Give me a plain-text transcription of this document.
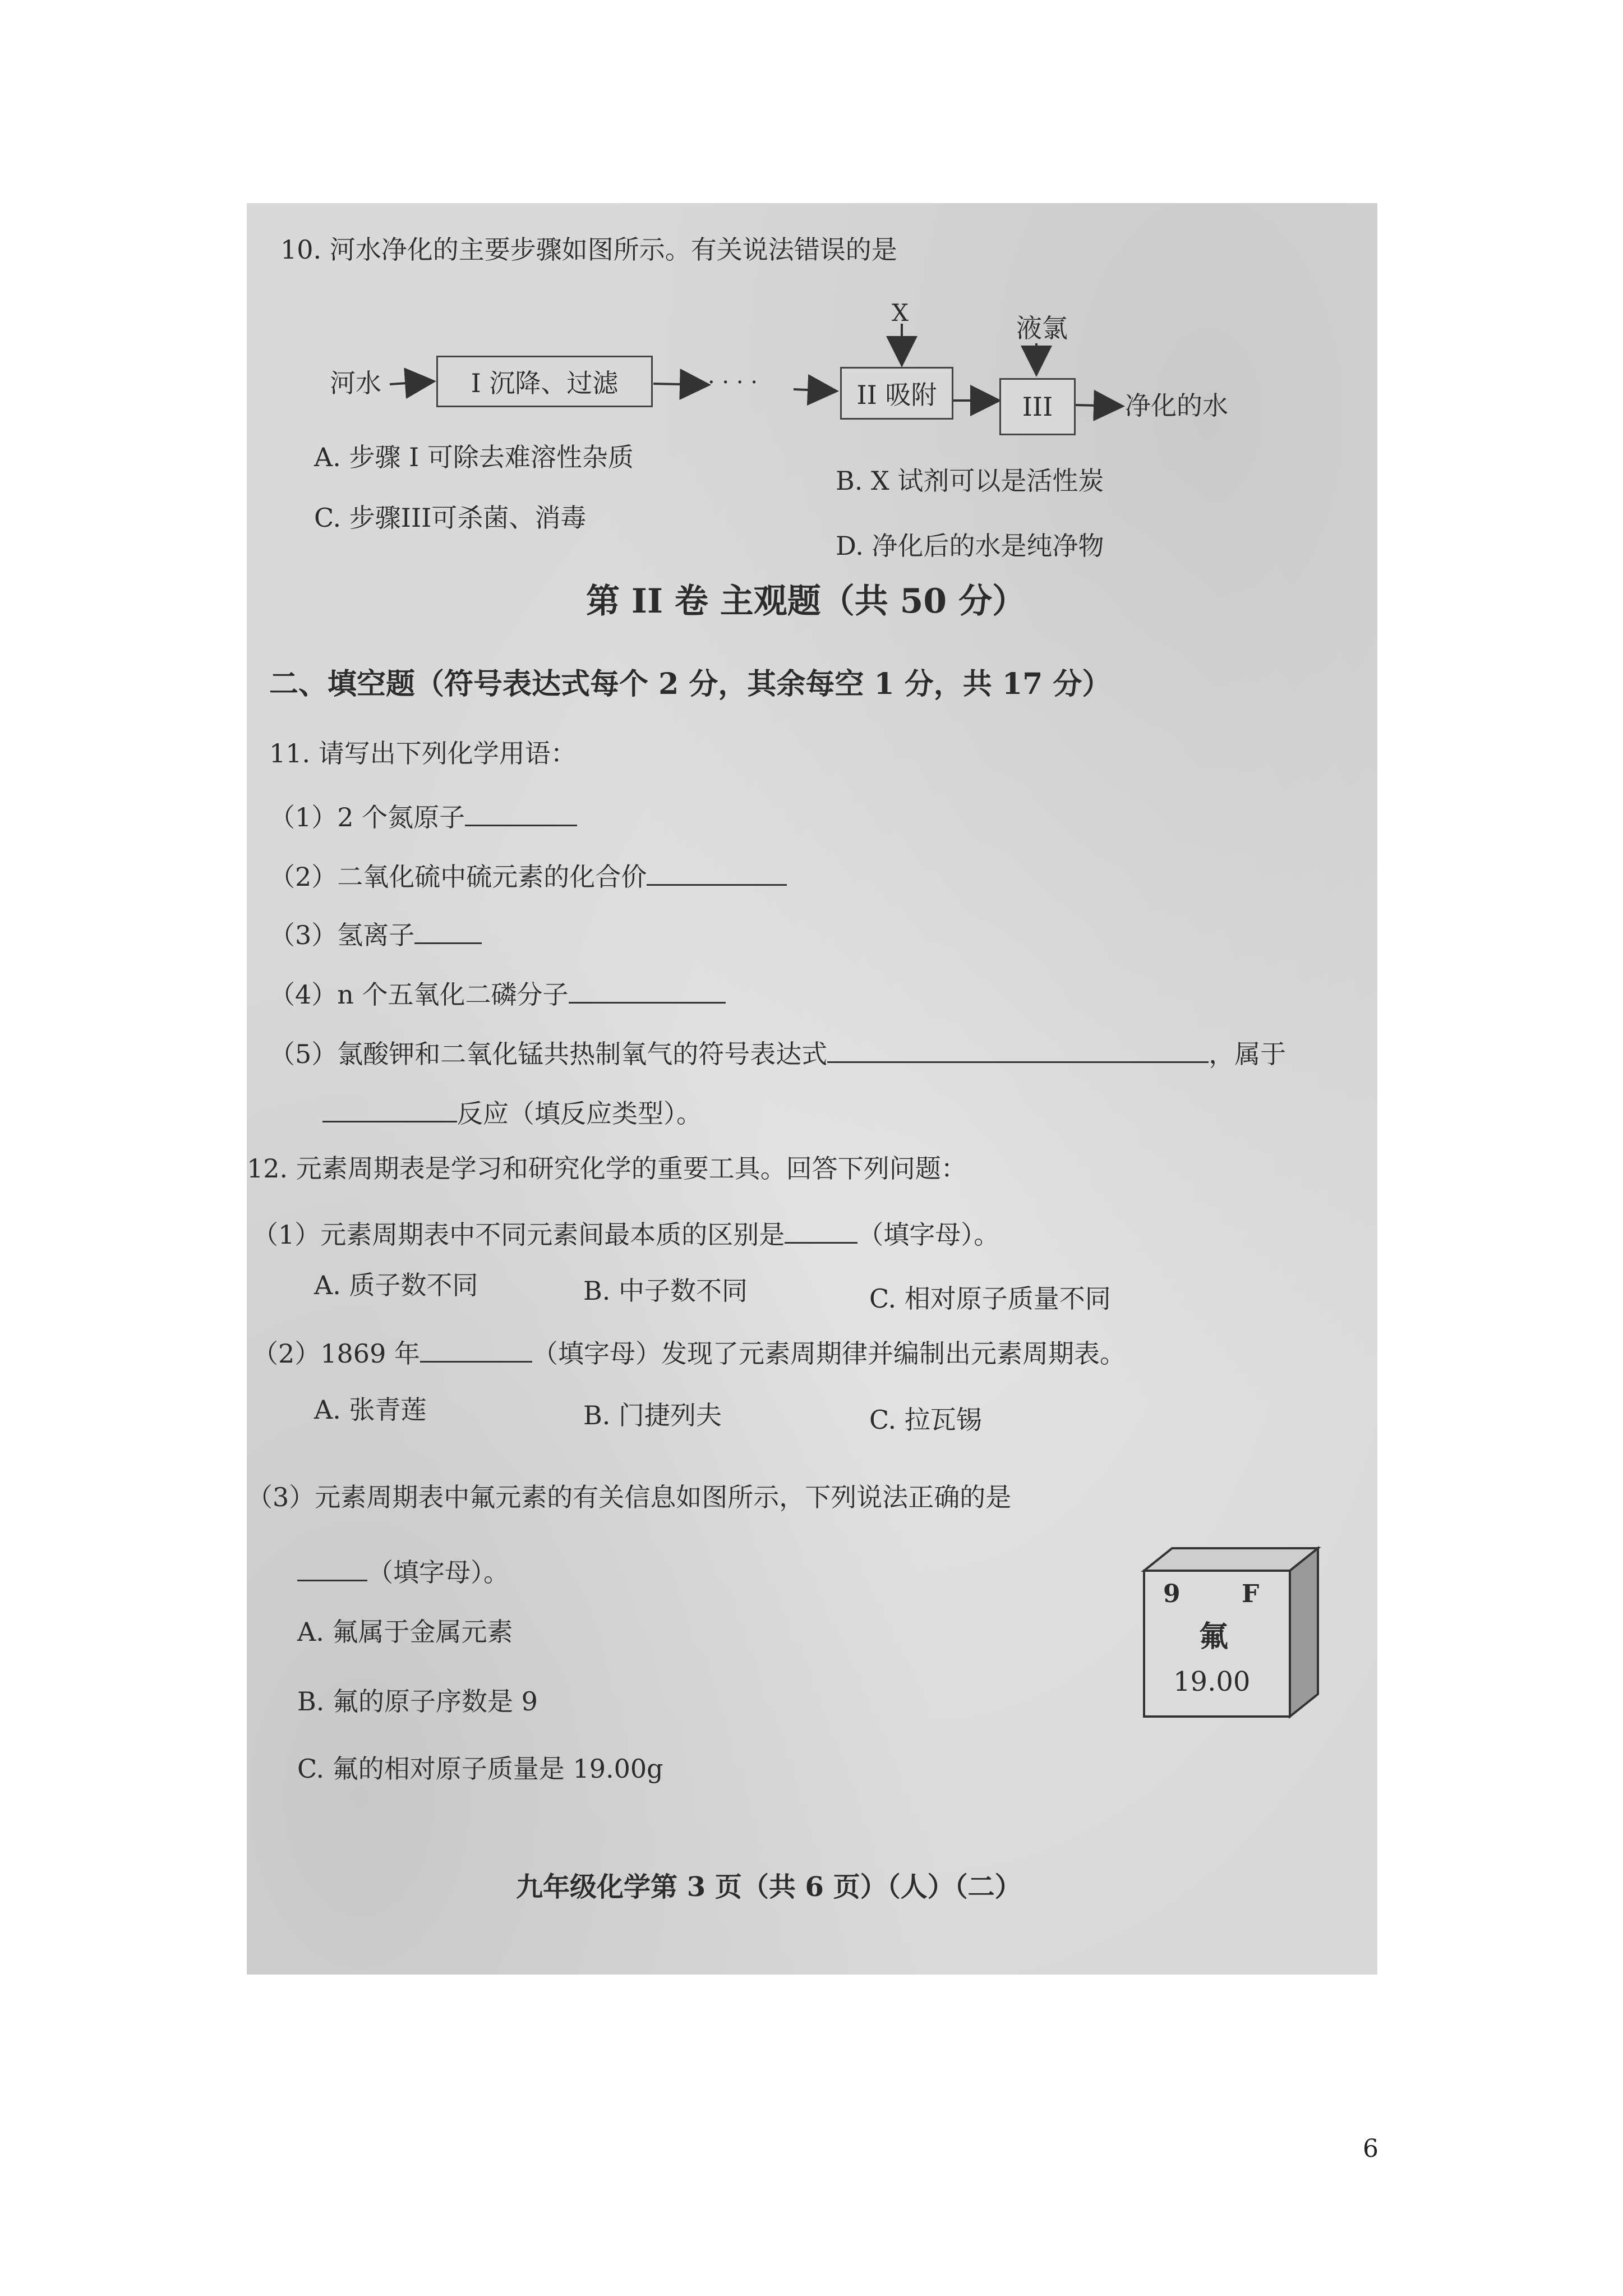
10. 河水净化的主要步骤如图所示。有关说法错误的是
河水	I 沉降、过滤	· · · ·
X
II 吸附
液氯
III	净化的水
A. 步骤 I 可除去难溶性杂质
B. X 试剂可以是活性炭
C. 步骤III可杀菌、消毒
D. 净化后的水是纯净物
第 II 卷 主观题（共 50 分）
二、填空题（符号表达式每个 2 分，其余每空 1 分，共 17 分）
11. 请写出下列化学用语：
（1）2 个氮原子
（2）二氧化硫中硫元素的化合价
（3）氢离子
（4）n 个五氧化二磷分子
（5）氯酸钾和二氧化锰共热制氧气的符号表达式	，属于
反应（填反应类型）。
12. 元素周期表是学习和研究化学的重要工具。回答下列问题：
（1）元素周期表中不同元素间最本质的区别是	（填字母）。
A. 质子数不同	B. 中子数不同	C. 相对原子质量不同
（2）1869 年	（填字母）发现了元素周期律并编制出元素周期表。
A. 张青莲	B. 门捷列夫	C. 拉瓦锡
（3）元素周期表中氟元素的有关信息如图所示，下列说法正确的是
（填字母）。
A. 氟属于金属元素
B. 氟的原子序数是 9
C. 氟的相对原子质量是 19.00g
9 F
氟
19.00
九年级化学第 3 页（共 6 页）（人）（二）
6
